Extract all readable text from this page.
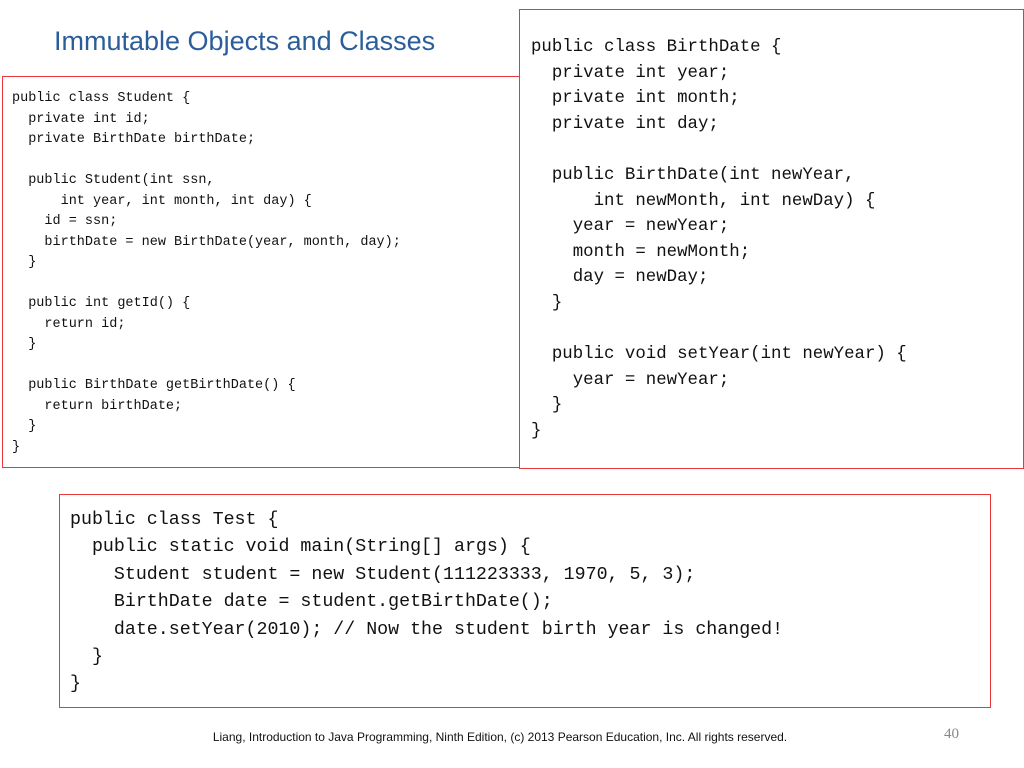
Immutable Objects and Classes
public class Student {
private int id;
private BirthDate birthDate;

public Student(int ssn,
int year, int month, int day) {
id = ssn;
birthDate = new BirthDate(year, month, day);
}

public int getId() {
return id;
}

public BirthDate getBirthDate() {
return birthDate;
}
}
public class BirthDate {
private int year;
private int month;
private int day;

public BirthDate(int newYear,
int newMonth, int newDay) {
year = newYear;
month = newMonth;
day = newDay;
}

public void setYear(int newYear) {
year = newYear;
}
}
public class Test {
public static void main(String[] args) {
Student student = new Student(111223333, 1970, 5, 3);
BirthDate date = student.getBirthDate();
date.setYear(2010); // Now the student birth year is changed!
}
}
Liang, Introduction to Java Programming, Ninth Edition, (c) 2013 Pearson Education, Inc. All rights reserved.	40
